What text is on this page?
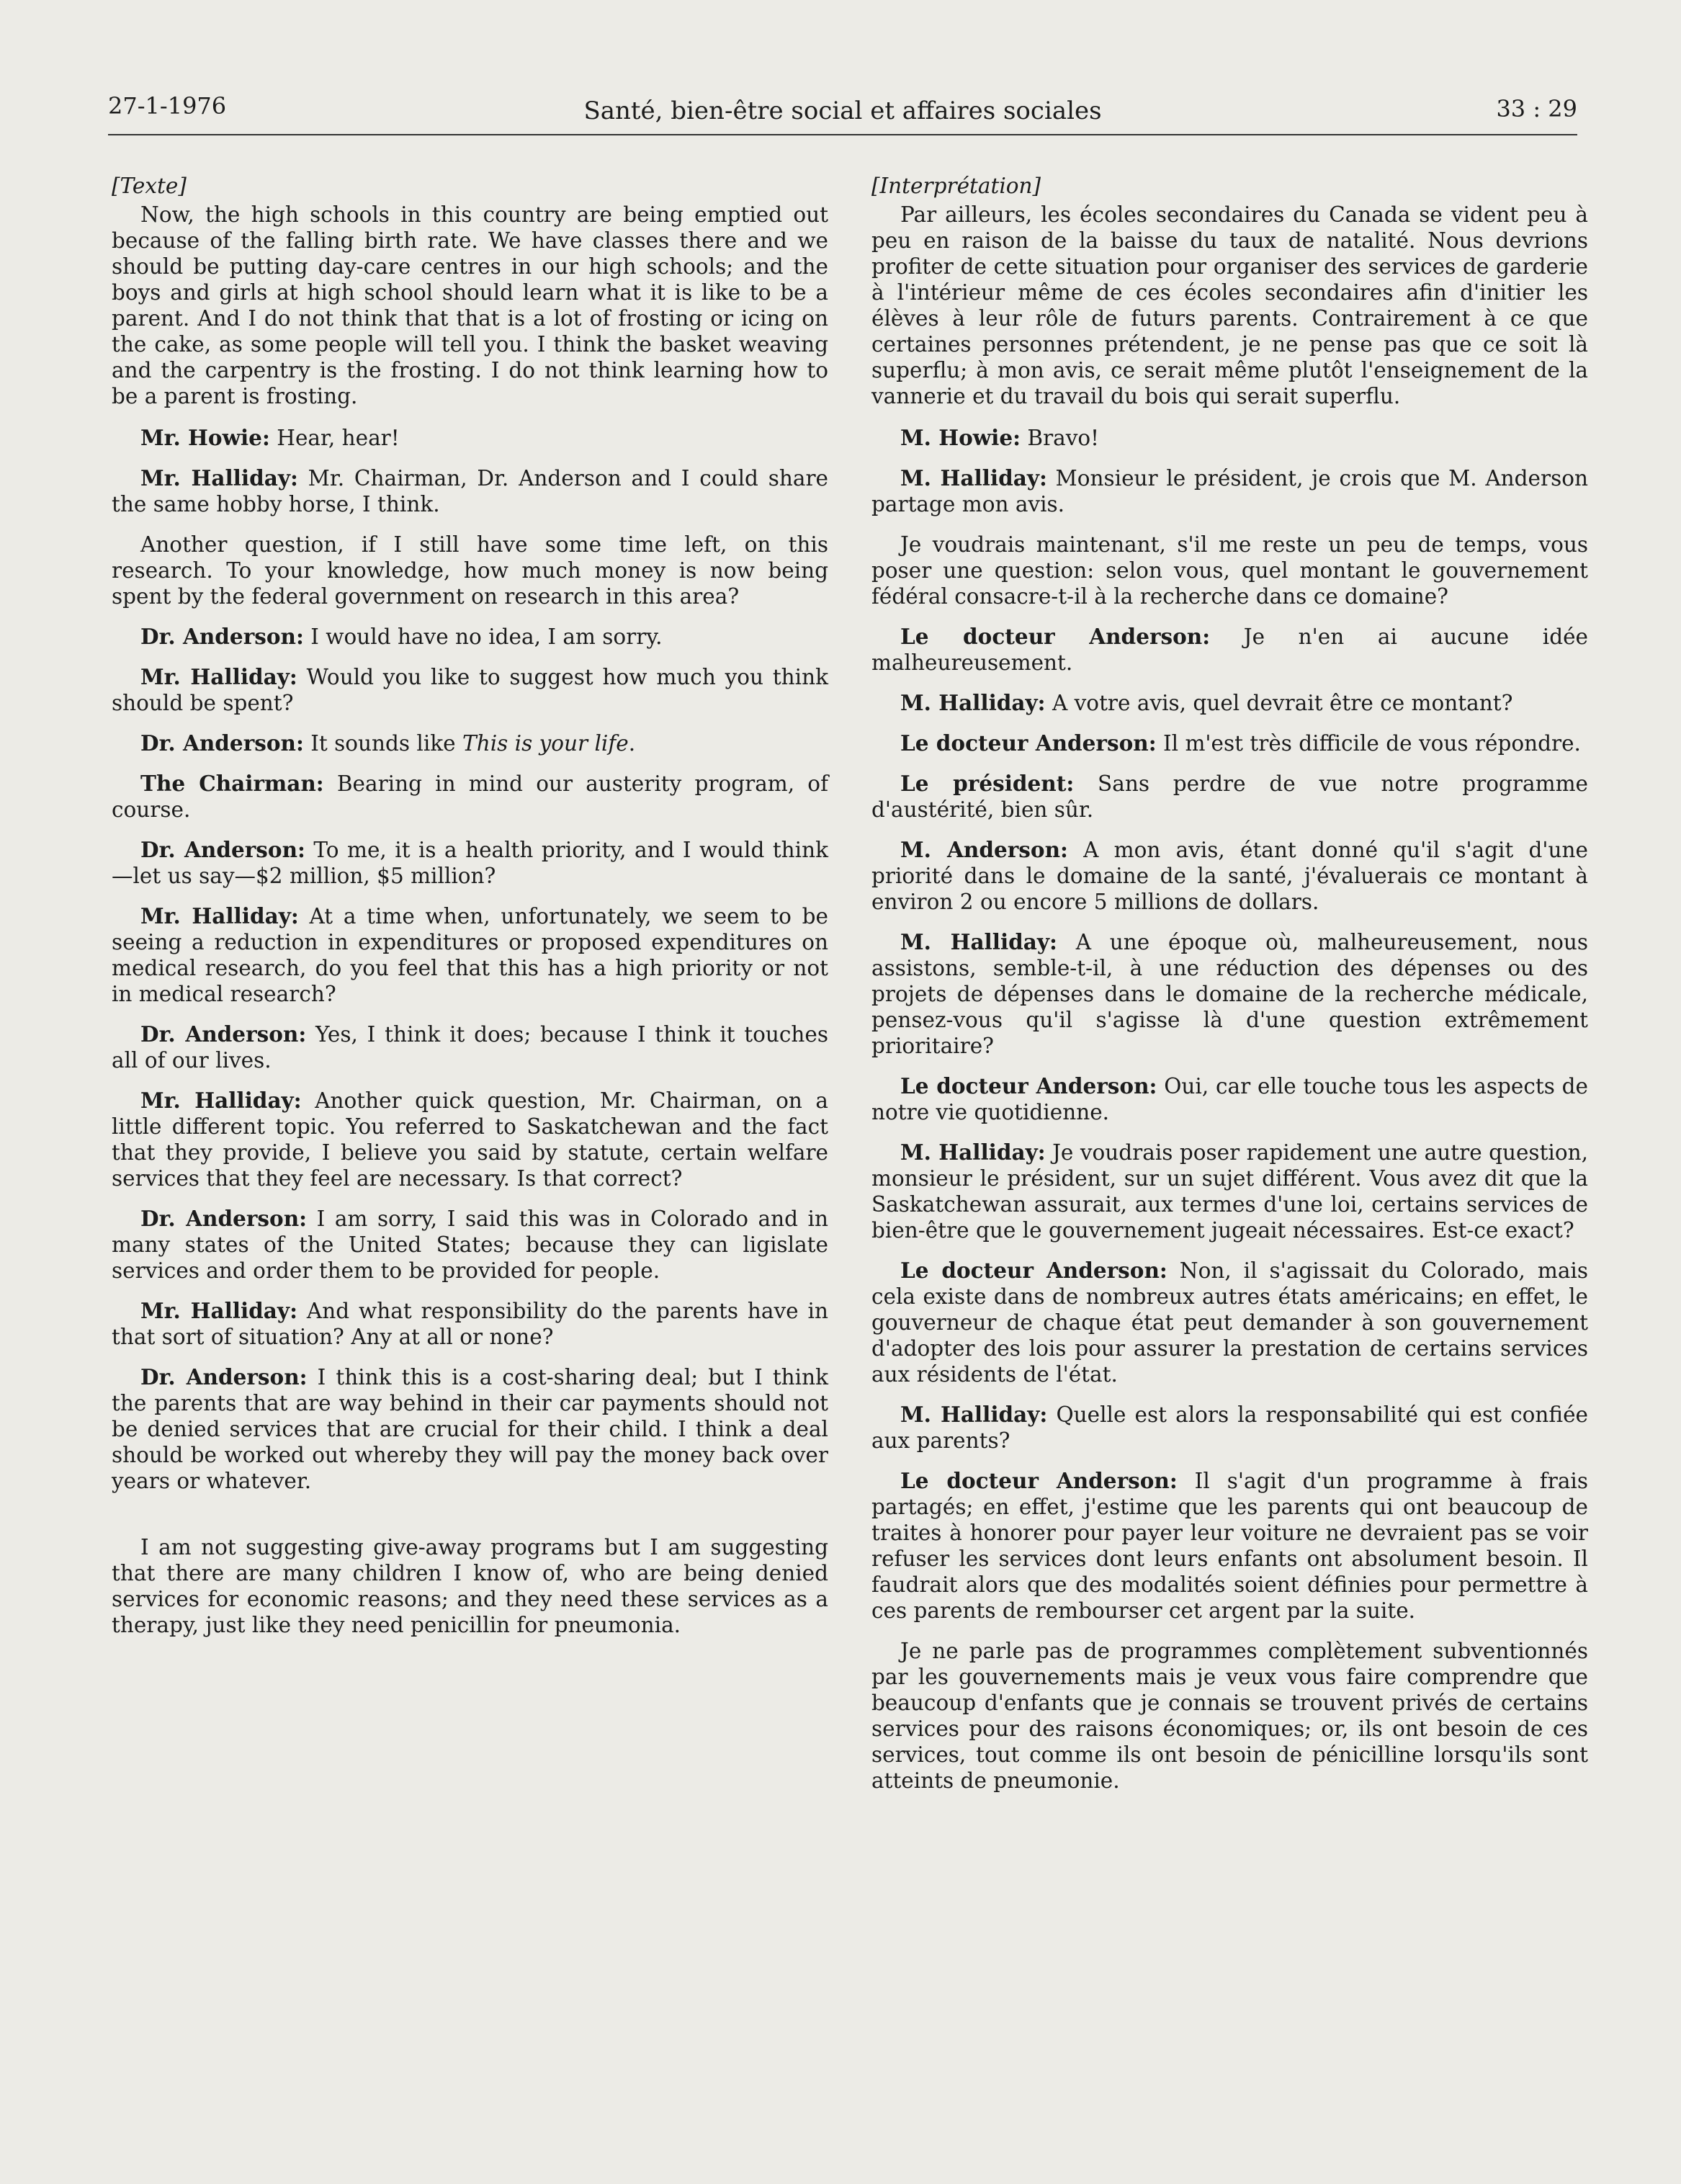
27-1-1976	Santé, bien-être social et affaires sociales	33 : 29

[Texte]

Now, the high schools in this country are being emptied out because of the falling birth rate. We have classes there and we should be putting day-care centres in our high schools; and the boys and girls at high school should learn what it is like to be a parent. And I do not think that that is a lot of frosting or icing on the cake, as some people will tell you. I think the basket weaving and the carpentry is the frosting. I do not think learning how to be a parent is frosting.

Mr. Howie: Hear, hear!

Mr. Halliday: Mr. Chairman, Dr. Anderson and I could share the same hobby horse, I think.

Another question, if I still have some time left, on this research. To your knowledge, how much money is now being spent by the federal government on research in this area?

Dr. Anderson: I would have no idea, I am sorry.

Mr. Halliday: Would you like to suggest how much you think should be spent?

Dr. Anderson: It sounds like This is your life.

The Chairman: Bearing in mind our austerity program, of course.

Dr. Anderson: To me, it is a health priority, and I would think—let us say—$2 million, $5 million?

Mr. Halliday: At a time when, unfortunately, we seem to be seeing a reduction in expenditures or proposed expenditures on medical research, do you feel that this has a high priority or not in medical research?

Dr. Anderson: Yes, I think it does; because I think it touches all of our lives.

Mr. Halliday: Another quick question, Mr. Chairman, on a little different topic. You referred to Saskatchewan and the fact that they provide, I believe you said by statute, certain welfare services that they feel are necessary. Is that correct?

Dr. Anderson: I am sorry, I said this was in Colorado and in many states of the United States; because they can ligislate services and order them to be provided for people.

Mr. Halliday: And what responsibility do the parents have in that sort of situation? Any at all or none?

Dr. Anderson: I think this is a cost-sharing deal; but I think the parents that are way behind in their car payments should not be denied services that are crucial for their child. I think a deal should be worked out whereby they will pay the money back over years or whatever.

I am not suggesting give-away programs but I am suggesting that there are many children I know of, who are being denied services for economic reasons; and they need these services as a therapy, just like they need penicillin for pneumonia.

[Interprétation]

Par ailleurs, les écoles secondaires du Canada se vident peu à peu en raison de la baisse du taux de natalité. Nous devrions profiter de cette situation pour organiser des services de garderie à l'intérieur même de ces écoles secondaires afin d'initier les élèves à leur rôle de futurs parents. Contrairement à ce que certaines personnes prétendent, je ne pense pas que ce soit là superflu; à mon avis, ce serait même plutôt l'enseignement de la vannerie et du travail du bois qui serait superflu.

M. Howie: Bravo!

M. Halliday: Monsieur le président, je crois que M. Anderson partage mon avis.

Je voudrais maintenant, s'il me reste un peu de temps, vous poser une question: selon vous, quel montant le gouvernement fédéral consacre-t-il à la recherche dans ce domaine?

Le docteur Anderson: Je n'en ai aucune idée malheureusement.

M. Halliday: A votre avis, quel devrait être ce montant?

Le docteur Anderson: Il m'est très difficile de vous répondre.

Le président: Sans perdre de vue notre programme d'austérité, bien sûr.

M. Anderson: A mon avis, étant donné qu'il s'agit d'une priorité dans le domaine de la santé, j'évaluerais ce montant à environ 2 ou encore 5 millions de dollars.

M. Halliday: A une époque où, malheureusement, nous assistons, semble-t-il, à une réduction des dépenses ou des projets de dépenses dans le domaine de la recherche médicale, pensez-vous qu'il s'agisse là d'une question extrêmement prioritaire?

Le docteur Anderson: Oui, car elle touche tous les aspects de notre vie quotidienne.

M. Halliday: Je voudrais poser rapidement une autre question, monsieur le président, sur un sujet différent. Vous avez dit que la Saskatchewan assurait, aux termes d'une loi, certains services de bien-être que le gouvernement jugeait nécessaires. Est-ce exact?

Le docteur Anderson: Non, il s'agissait du Colorado, mais cela existe dans de nombreux autres états américains; en effet, le gouverneur de chaque état peut demander à son gouvernement d'adopter des lois pour assurer la prestation de certains services aux résidents de l'état.

M. Halliday: Quelle est alors la responsabilité qui est confiée aux parents?

Le docteur Anderson: Il s'agit d'un programme à frais partagés; en effet, j'estime que les parents qui ont beaucoup de traites à honorer pour payer leur voiture ne devraient pas se voir refuser les services dont leurs enfants ont absolument besoin. Il faudrait alors que des modalités soient définies pour permettre à ces parents de rembourser cet argent par la suite.

Je ne parle pas de programmes complètement subventionnés par les gouvernements mais je veux vous faire comprendre que beaucoup d'enfants que je connais se trouvent privés de certains services pour des raisons économiques; or, ils ont besoin de ces services, tout comme ils ont besoin de pénicilline lorsqu'ils sont atteints de pneumonie.
